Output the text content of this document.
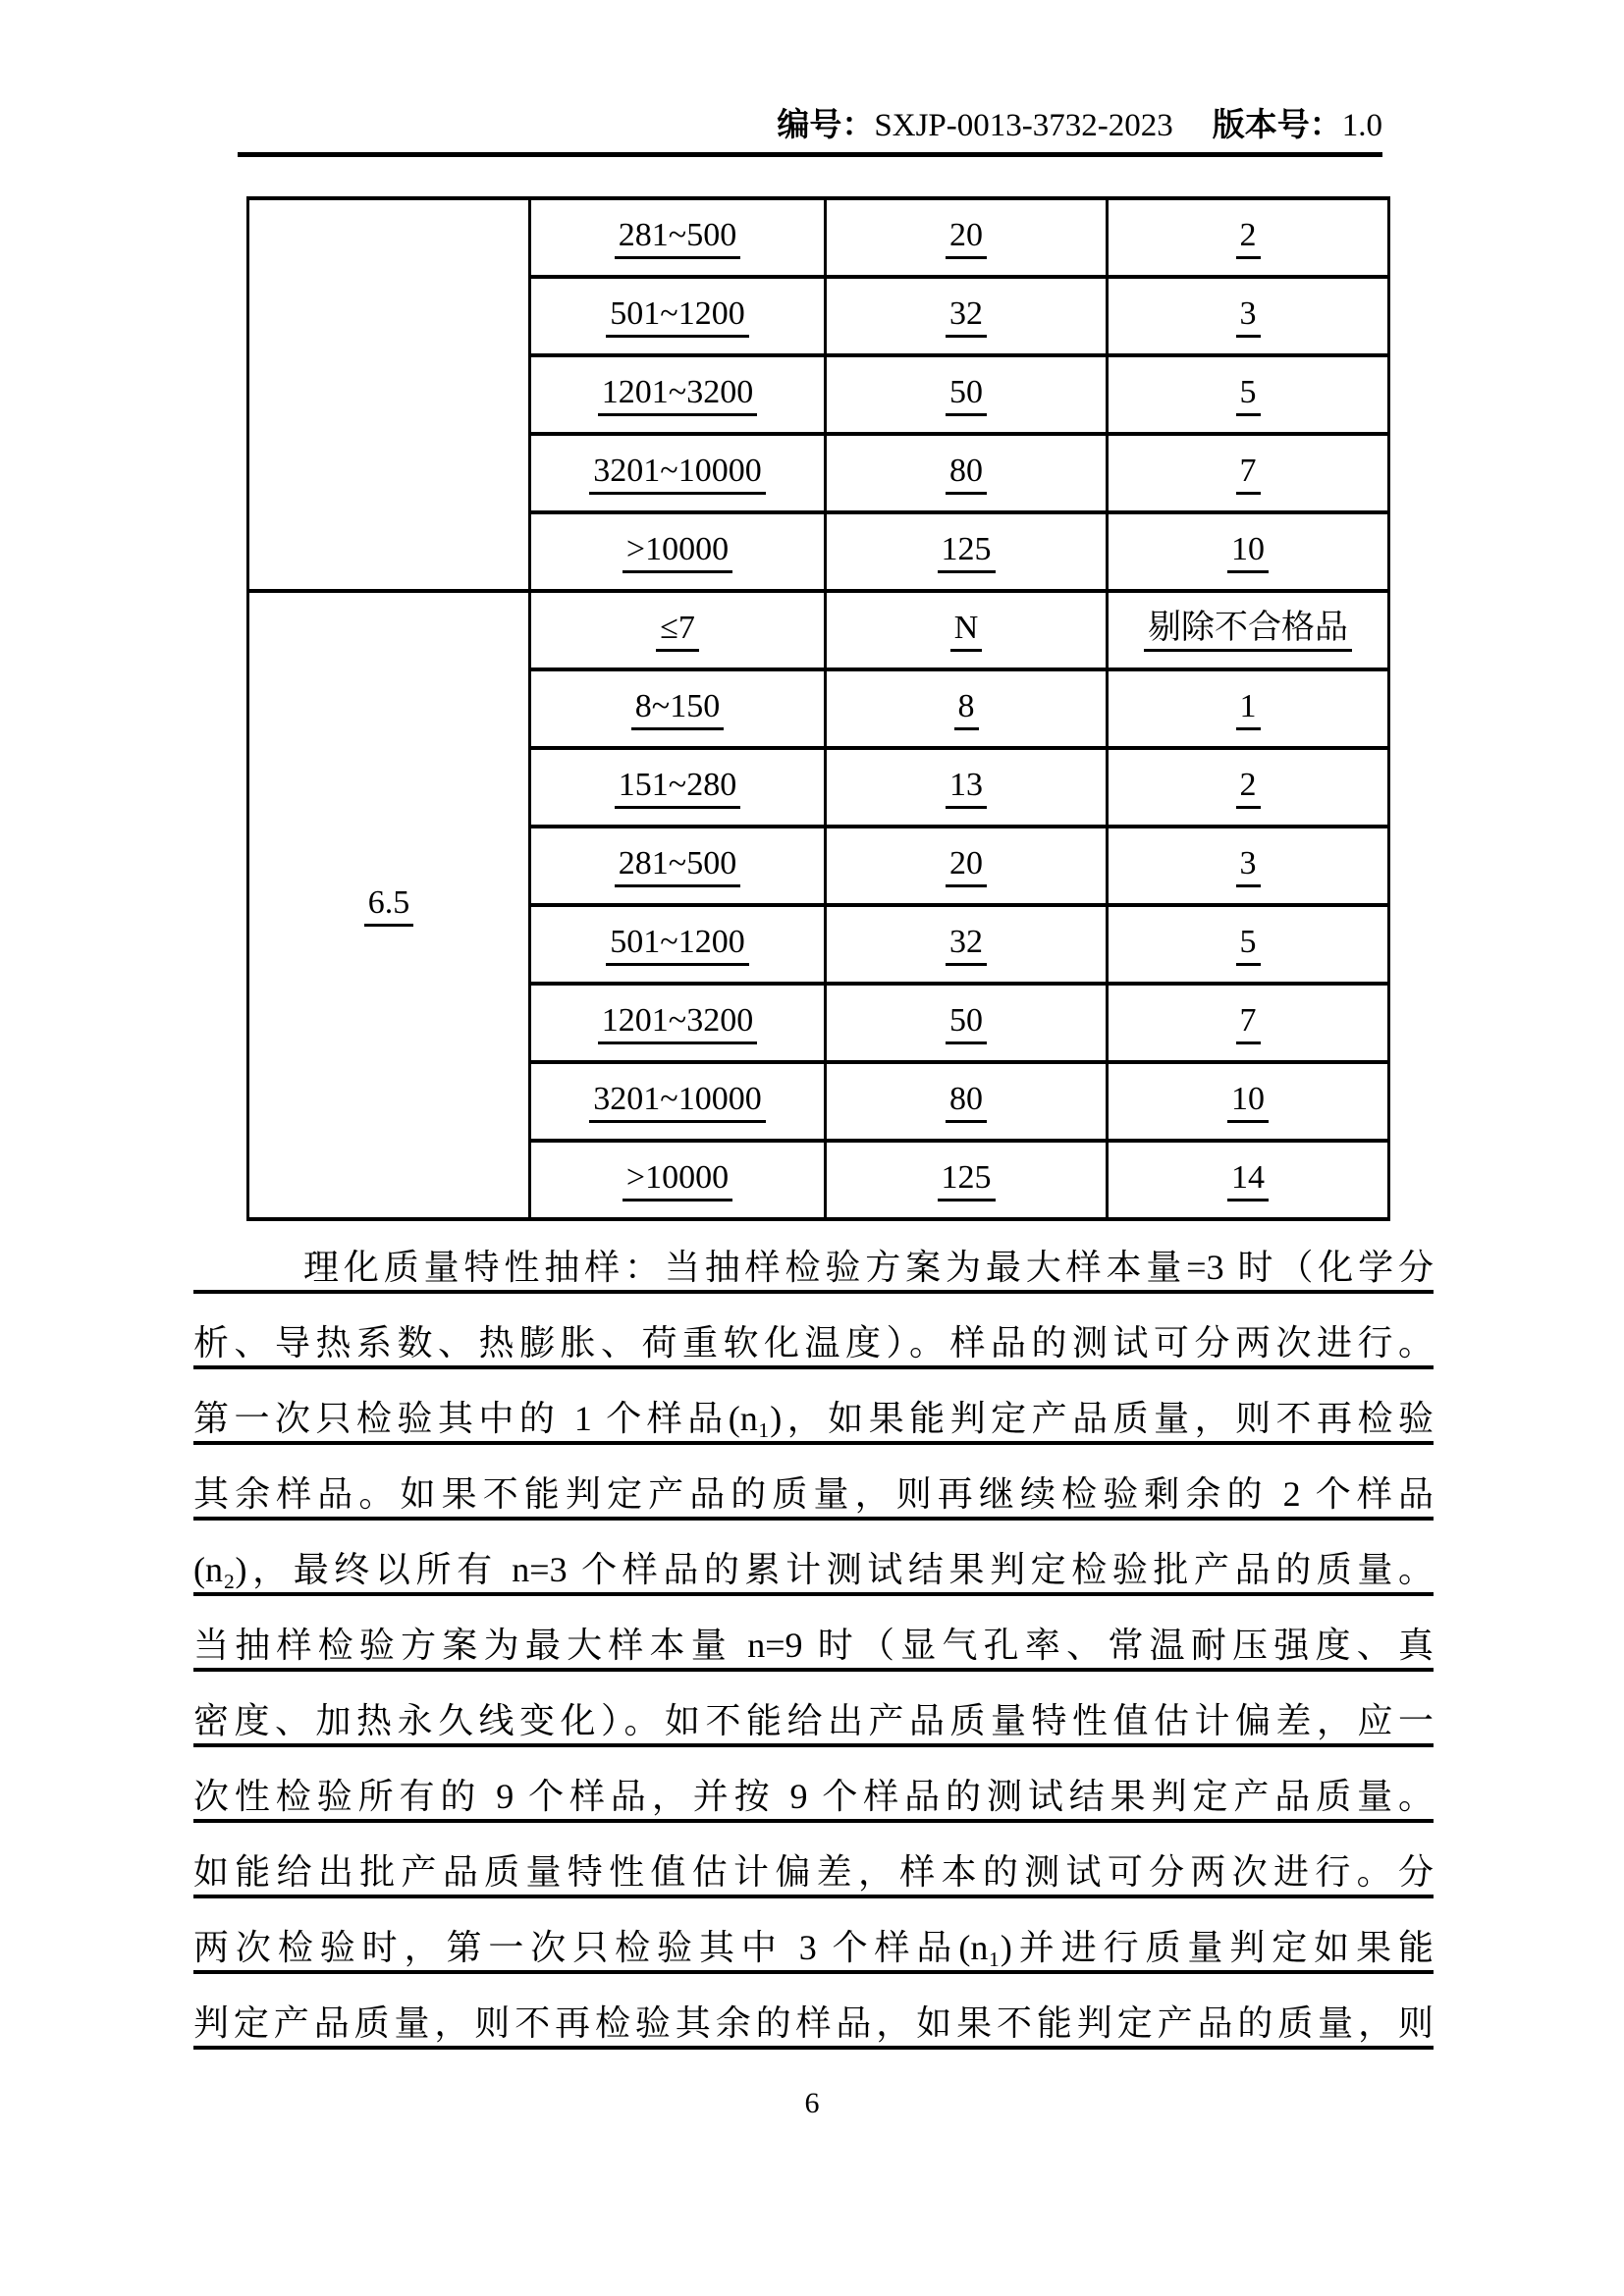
编号：SXJP-0013-3732-2023 版本号：1.0
	281~500	20	2
	501~1200	32	3
	1201~3200	50	5
	3201~10000	80	7
	>10000	125	10
6.5	≤7	N	剔除不合格品
	8~150	8	1
	151~280	13	2
	281~500	20	3
	501~1200	32	5
	1201~3200	50	7
	3201~10000	80	10
	>10000	125	14
理化质量特性抽样：当抽样检验方案为最大样本量=3 时（化学分
析、导热系数、热膨胀、荷重软化温度）。样品的测试可分两次进行。
第一次只检验其中的 1 个样品(n₁)，如果能判定产品质量，则不再检验
其余样品。如果不能判定产品的质量，则再继续检验剩余的 2 个样品
(n₂)，最终以所有 n=3 个样品的累计测试结果判定检验批产品的质量。
当抽样检验方案为最大样本量 n=9 时（显气孔率、常温耐压强度、真
密度、加热永久线变化）。如不能给出产品质量特性值估计偏差，应一
次性检验所有的 9 个样品，并按 9 个样品的测试结果判定产品质量。
如能给出批产品质量特性值估计偏差，样本的测试可分两次进行。分
两次检验时，第一次只检验其中 3 个样品(n₁)并进行质量判定如果能
判定产品质量，则不再检验其余的样品，如果不能判定产品的质量，则
6
